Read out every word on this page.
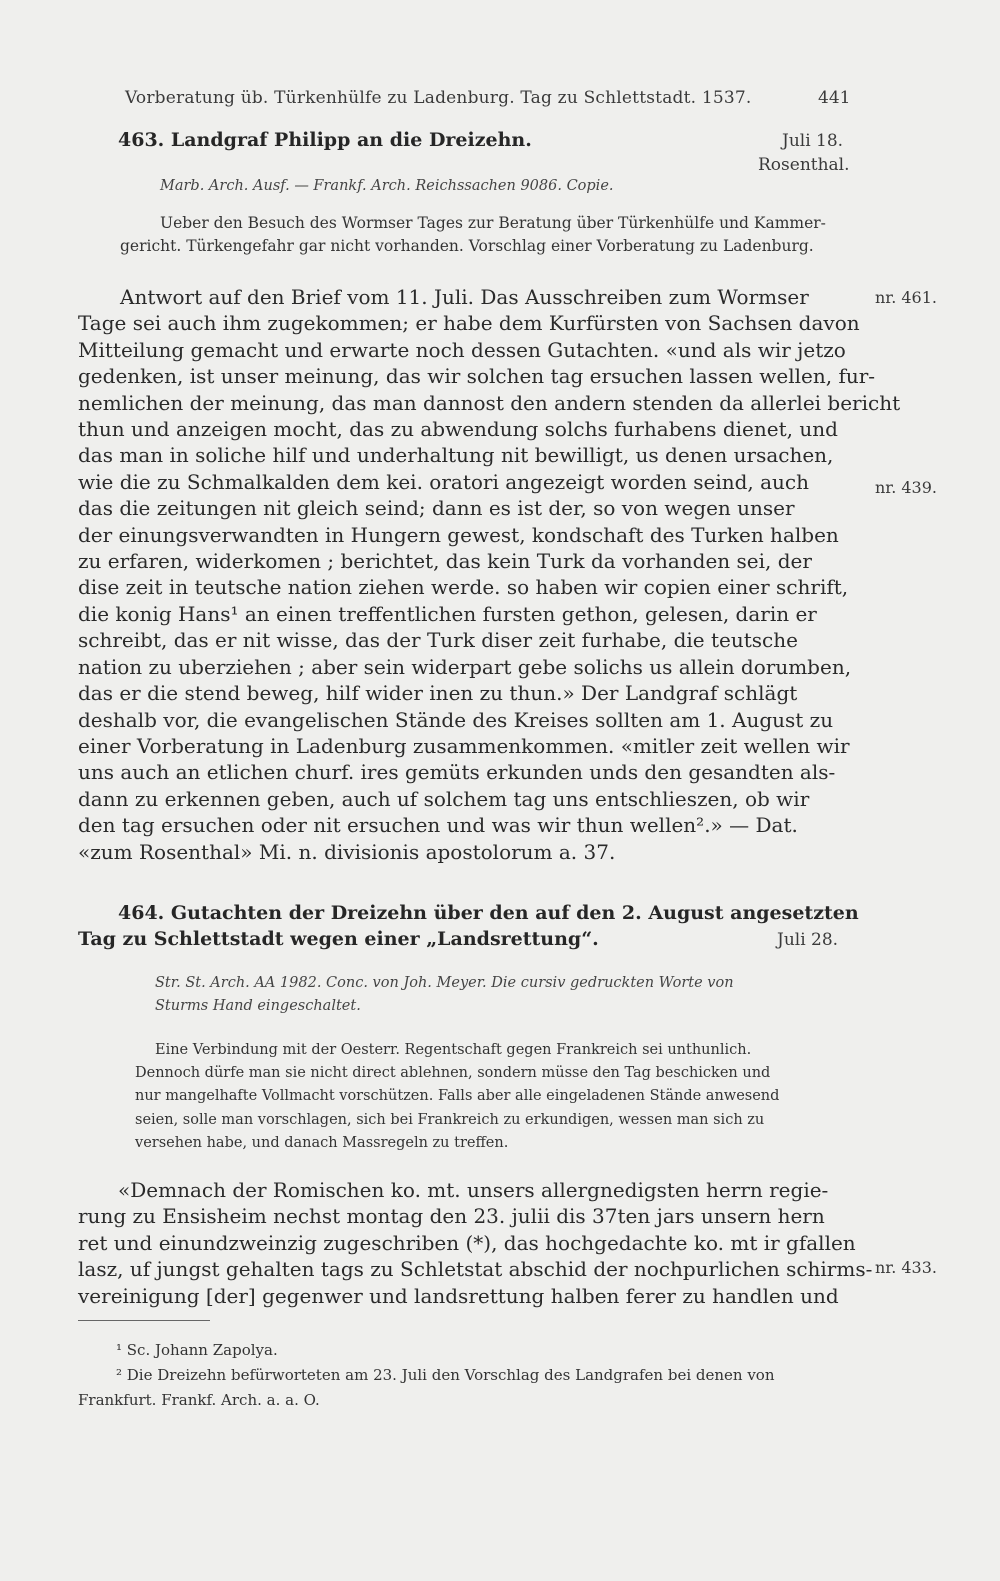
Vorberatung üb. Türkenhülfe zu Ladenburg. Tag zu Schlettstadt. 1537.	441
463. Landgraf Philipp an die Dreizehn.	Juli 18.
Rosenthal.
Marb. Arch. Ausf. — Frankf. Arch. Reichssachen 9086. Copie.
Ueber den Besuch des Wormser Tages zur Beratung über Türkenhülfe und Kammer-
gericht. Türkengefahr gar nicht vorhanden. Vorschlag einer Vorberatung zu Ladenburg.
Antwort auf den Brief vom 11. Juli. Das Ausschreiben zum Wormser
Tage sei auch ihm zugekommen; er habe dem Kurfürsten von Sachsen davon
Mitteilung gemacht und erwarte noch dessen Gutachten. «und als wir jetzo
gedenken, ist unser meinung, das wir solchen tag ersuchen lassen wellen, fur-
nemlichen der meinung, das man dannost den andern stenden da allerlei bericht
thun und anzeigen mocht, das zu abwendung solchs furhabens dienet, und
das man in soliche hilf und underhaltung nit bewilligt, us denen ursachen,
wie die zu Schmalkalden dem kei. oratori angezeigt worden seind, auch
das die zeitungen nit gleich seind; dann es ist der, so von wegen unser
der einungsverwandten in Hungern gewest, kondschaft des Turken halben
zu erfaren, widerkomen ; berichtet, das kein Turk da vorhanden sei, der
dise zeit in teutsche nation ziehen werde. so haben wir copien einer schrift,
die konig Hans¹ an einen treffentlichen fursten gethon, gelesen, darin er
schreibt, das er nit wisse, das der Turk diser zeit furhabe, die teutsche
nation zu uberziehen ; aber sein widerpart gebe solichs us allein dorumben,
das er die stend beweg, hilf wider inen zu thun.» Der Landgraf schlägt
deshalb vor, die evangelischen Stände des Kreises sollten am 1. August zu
einer Vorberatung in Ladenburg zusammenkommen. «mitler zeit wellen wir
uns auch an etlichen churf. ires gemüts erkunden unds den gesandten als-
dann zu erkennen geben, auch uf solchem tag uns entschlieszen, ob wir
den tag ersuchen oder nit ersuchen und was wir thun wellen².» — Dat.
«zum Rosenthal» Mi. n. divisionis apostolorum a. 37.
nr. 461.
nr. 439.
464. Gutachten der Dreizehn über den auf den 2. August angesetzten
Tag zu Schlettstadt wegen einer „Landsrettung“.	Juli 28.
Str. St. Arch. AA 1982. Conc. von Joh. Meyer. Die cursiv gedruckten Worte von
Sturms Hand eingeschaltet.
Eine Verbindung mit der Oesterr. Regentschaft gegen Frankreich sei unthunlich.
Dennoch dürfe man sie nicht direct ablehnen, sondern müsse den Tag beschicken und
nur mangelhafte Vollmacht vorschützen. Falls aber alle eingeladenen Stände anwesend
seien, solle man vorschlagen, sich bei Frankreich zu erkundigen, wessen man sich zu
versehen habe, und danach Massregeln zu treffen.
«Demnach der Romischen ko. mt. unsers allergnedigsten herrn regie-
rung zu Ensisheim nechst montag den 23. julii dis 37ten jars unsern hern
ret und einundzweinzig zugeschriben (*), das hochgedachte ko. mt ir gfallen
lasz, uf jungst gehalten tags zu Schletstat abschid der nochpurlichen schirms-
vereinigung [der] gegenwer und landsrettung halben ferer zu handlen und
nr. 433.
¹ Sc. Johann Zapolya.
² Die Dreizehn befürworteten am 23. Juli den Vorschlag des Landgrafen bei denen von
Frankfurt. Frankf. Arch. a. a. O.
